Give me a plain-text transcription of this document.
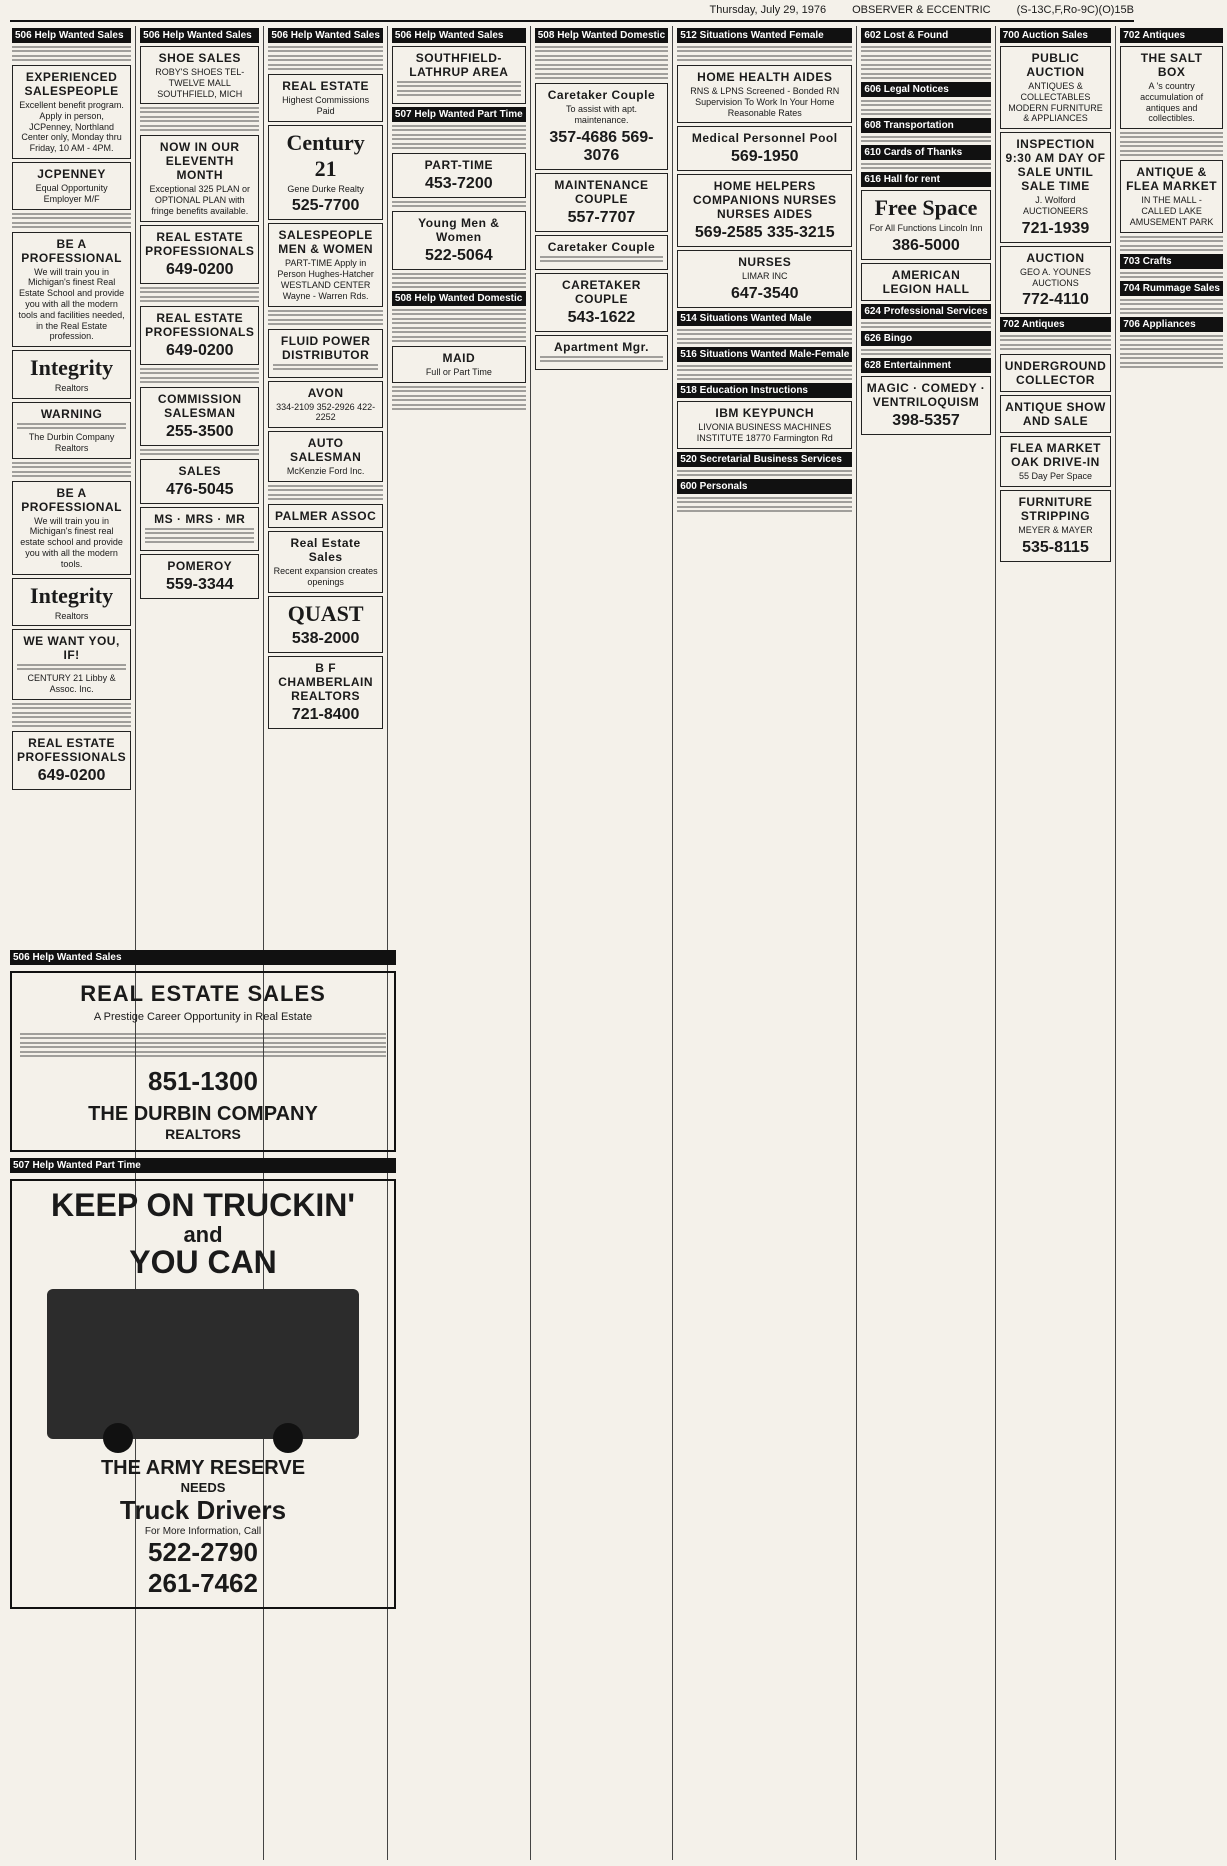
Thursday, July 29, 1976 OBSERVER & ECCENTRIC (S-13C,F,Ro-9C)(O)15B
506 Help Wanted Sales
EXPERIENCED SALESPEOPLE
Excellent benefit program. Apply in person, JCPenney, Northland Center only, Monday thru Friday, 10 AM - 4PM.
JCPENNEY
Equal Opportunity Employer M/F
BE A PROFESSIONAL
We will train you in Michigan's finest Real Estate School and provide you with all the modern tools and facilities needed, in the Real Estate profession.
Integrity
Realtors
WARNING
The Durbin Company Realtors
BE A PROFESSIONAL
We will train you in Michigan's finest real estate school and provide you with all the modern tools.
Integrity
Realtors
WE WANT YOU, IF!
CENTURY 21 Libby & Assoc. Inc.
REAL ESTATE PROFESSIONALS
649-0200
506 Help Wanted Sales
SHOE SALES
ROBY'S SHOES TEL-TWELVE MALL SOUTHFIELD, MICH
NOW IN OUR ELEVENTH MONTH
Exceptional 325 PLAN or OPTIONAL PLAN with fringe benefits available.
REAL ESTATE PROFESSIONALS
649-0200
REAL ESTATE PROFESSIONALS
649-0200
COMMISSION SALESMAN
255-3500
SALES
476-5045
MS · MRS · MR
POMEROY
559-3344
506 Help Wanted Sales
REAL ESTATE
Highest Commissions Paid
Century 21
Gene Durke Realty
525-7700
SALESPEOPLE MEN & WOMEN
PART-TIME Apply in Person Hughes-Hatcher WESTLAND CENTER Wayne - Warren Rds.
FLUID POWER DISTRIBUTOR
AVON
334-2109 352-2926 422-2252
AUTO SALESMAN
McKenzie Ford Inc.
PALMER ASSOC
Real Estate Sales
Recent expansion creates openings
QUAST
538-2000
B F CHAMBERLAIN REALTORS
721-8400
506 Help Wanted Sales
SOUTHFIELD-LATHRUP AREA
507 Help Wanted Part Time
PART-TIME
453-7200
Young Men & Women
522-5064
508 Help Wanted Domestic
MAID
Full or Part Time
508 Help Wanted Domestic
Caretaker Couple
To assist with apt. maintenance.
357-4686 569-3076
MAINTENANCE COUPLE
557-7707
Caretaker Couple
CARETAKER COUPLE
543-1622
Apartment Mgr.
512 Situations Wanted Female
HOME HEALTH AIDES
RNS & LPNS Screened - Bonded RN Supervision To Work In Your Home Reasonable Rates
Medical Personnel Pool
569-1950
HOME HELPERS COMPANIONS NURSES NURSES AIDES
569-2585 335-3215
NURSES
LIMAR INC
647-3540
514 Situations Wanted Male
516 Situations Wanted Male-Female
518 Education Instructions
IBM KEYPUNCH
LIVONIA BUSINESS MACHINES INSTITUTE 18770 Farmington Rd
520 Secretarial Business Services
600 Personals
602 Lost & Found
606 Legal Notices
608 Transportation
610 Cards of Thanks
616 Hall for rent
Free Space
For All Functions Lincoln Inn
386-5000
AMERICAN LEGION HALL
624 Professional Services
626 Bingo
628 Entertainment
MAGIC · COMEDY · VENTRILOQUISM
398-5357
700 Auction Sales
PUBLIC AUCTION
ANTIQUES & COLLECTABLES MODERN FURNITURE & APPLIANCES
INSPECTION 9:30 AM DAY OF SALE UNTIL SALE TIME
J. Wolford AUCTIONEERS
721-1939
AUCTION
GEO A. YOUNES AUCTIONS
772-4110
702 Antiques
UNDERGROUND COLLECTOR
ANTIQUE SHOW AND SALE
FLEA MARKET OAK DRIVE-IN
55 Day Per Space
FURNITURE STRIPPING
MEYER & MAYER
535-8115
702 Antiques
THE SALT BOX
A 's country accumulation of antiques and collectibles.
ANTIQUE & FLEA MARKET
IN THE MALL - CALLED LAKE AMUSEMENT PARK
703 Crafts
704 Rummage Sales
706 Appliances
506 Help Wanted Sales
REAL ESTATE SALES
A Prestige Career Opportunity in Real Estate
851-1300
THE DURBIN COMPANY
REALTORS
507 Help Wanted Part Time
KEEP ON TRUCKIN'
and
YOU CAN
THE ARMY RESERVE
NEEDS
Truck Drivers
For More Information, Call
522-2790
261-7462
